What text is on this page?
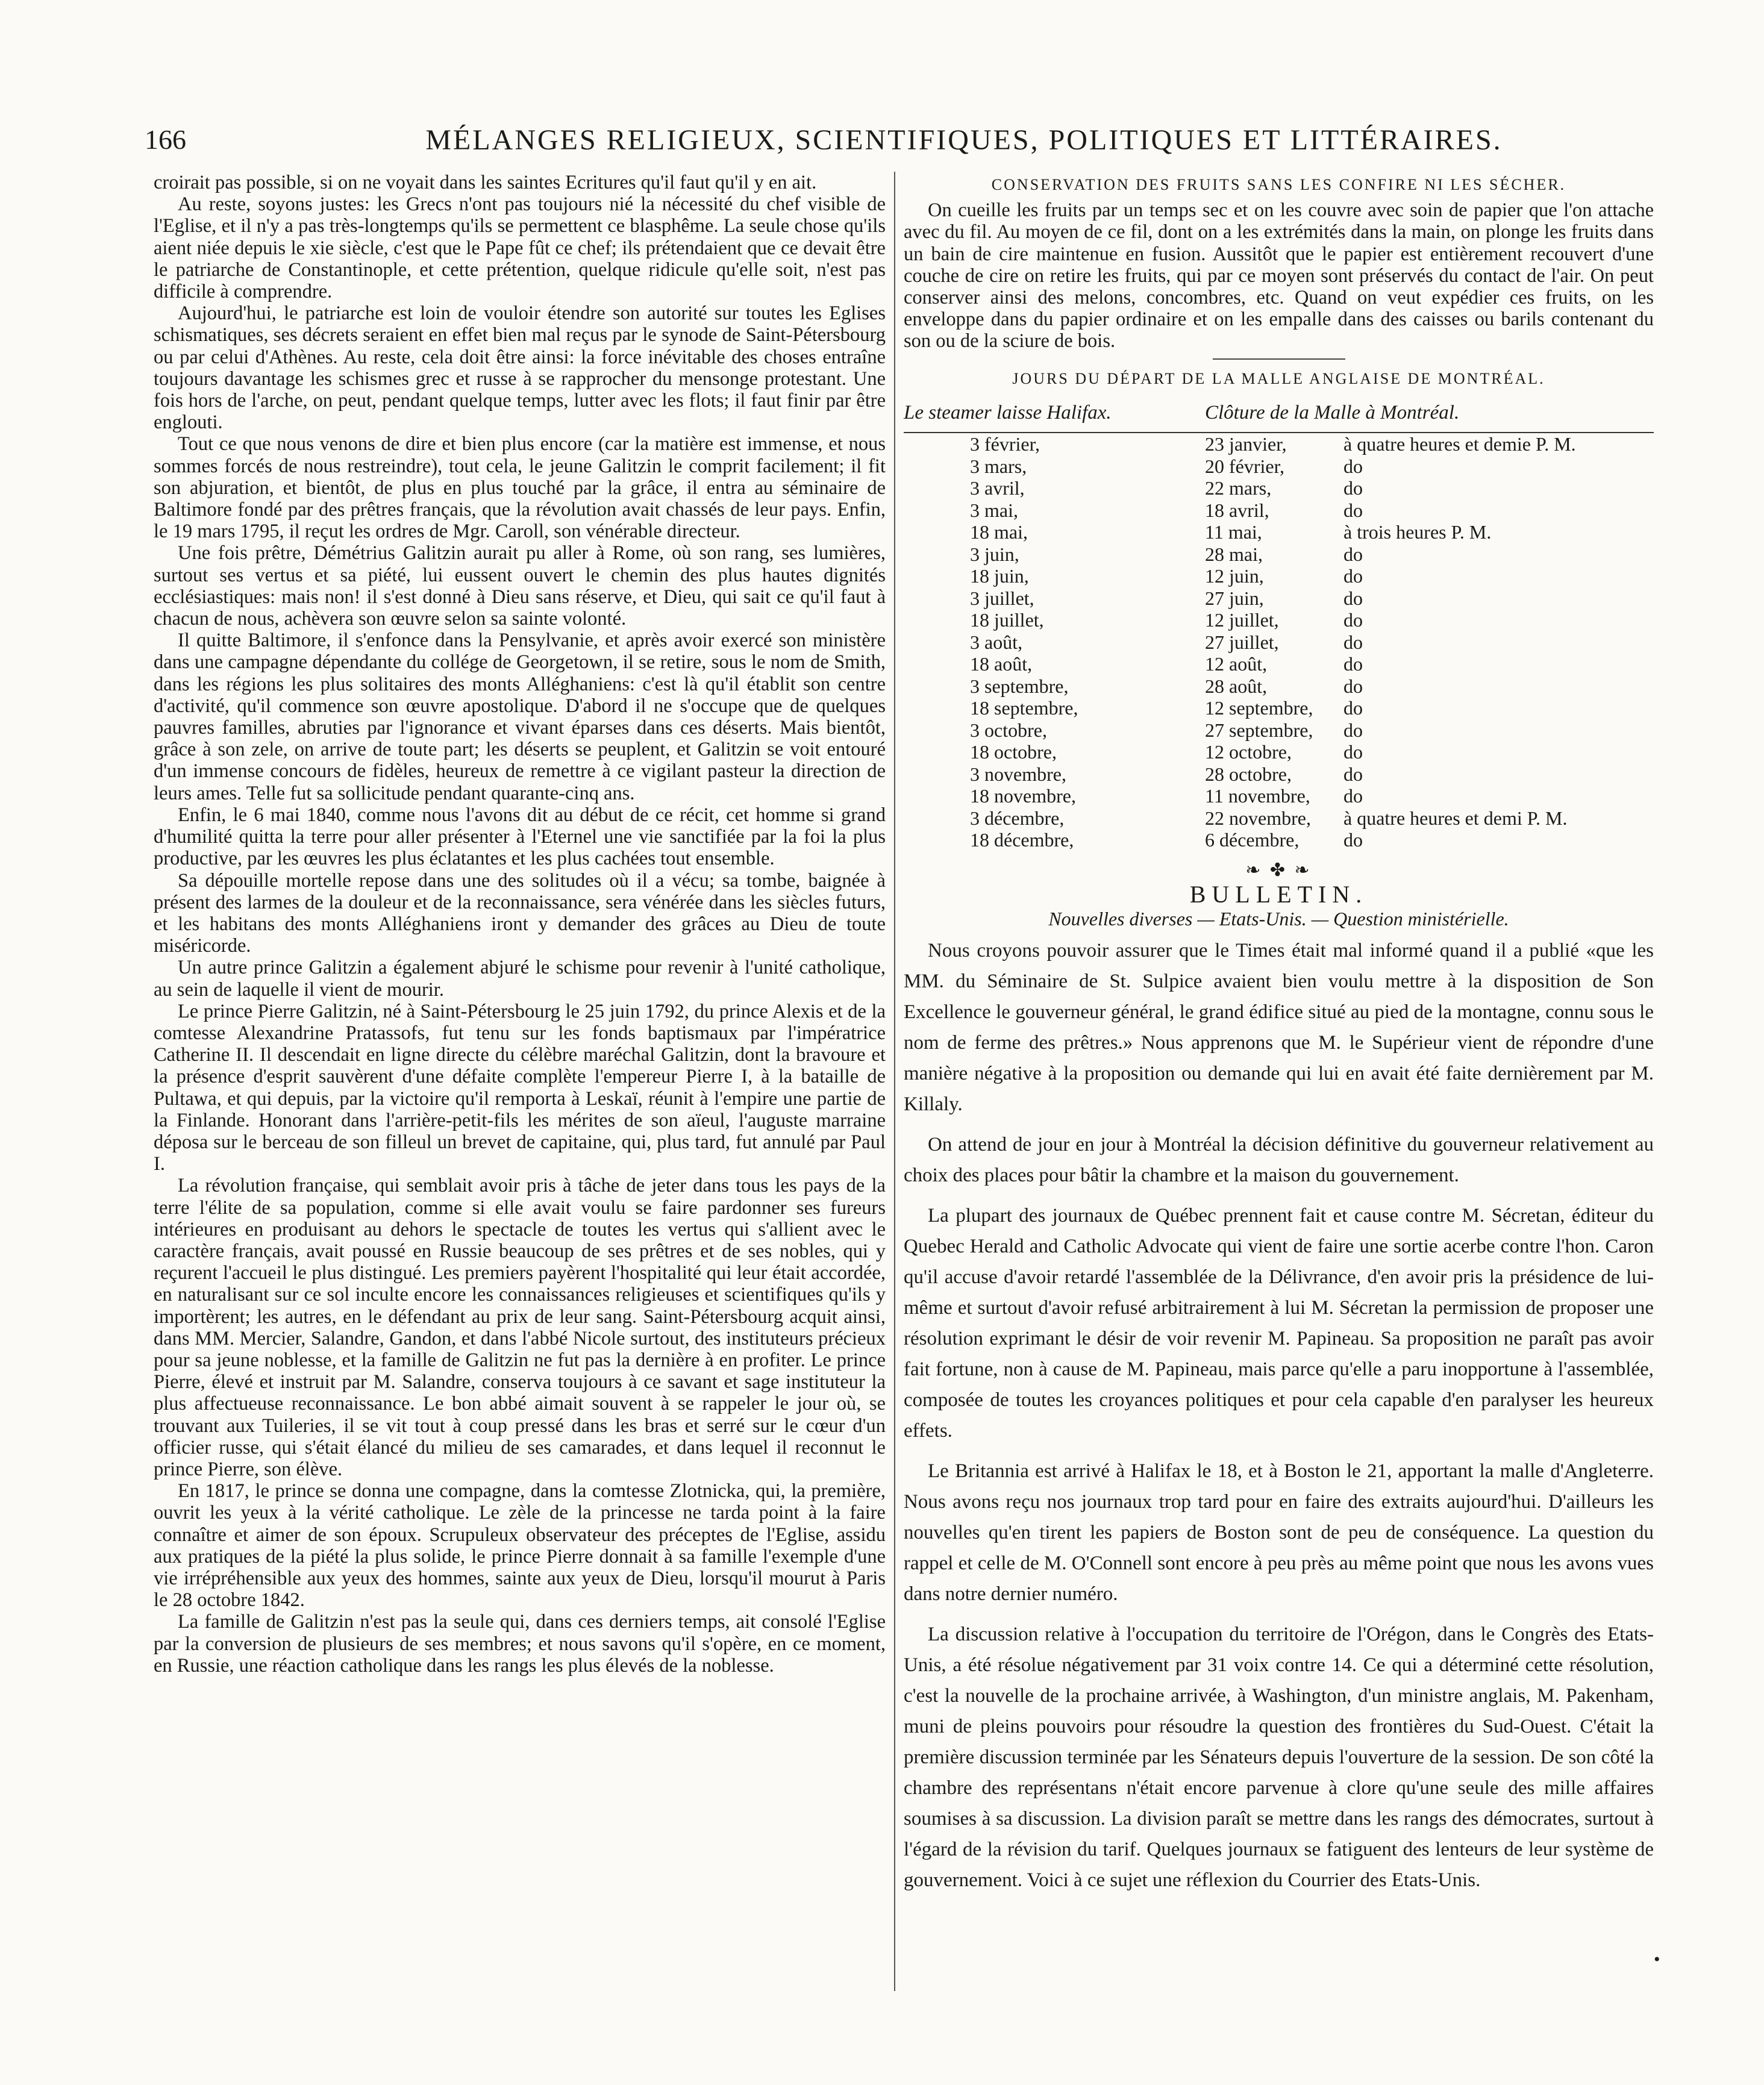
166	MÉLANGES RELIGIEUX, SCIENTIFIQUES, POLITIQUES ET LITTÉRAIRES.

croirait pas possible, si on ne voyait dans les saintes Ecritures qu'il faut qu'il y en ait.

Au reste, soyons justes: les Grecs n'ont pas toujours nié la nécessité du chef visible de l'Eglise, et il n'y a pas très-longtemps qu'ils se permettent ce blasphême. La seule chose qu'ils aient niée depuis le xie siècle, c'est que le Pape fût ce chef; ils prétendaient que ce devait être le patriarche de Constantinople, et cette prétention, quelque ridicule qu'elle soit, n'est pas difficile à comprendre.

Aujourd'hui, le patriarche est loin de vouloir étendre son autorité sur toutes les Eglises schismatiques, ses décrets seraient en effet bien mal reçus par le synode de Saint-Pétersbourg ou par celui d'Athènes. Au reste, cela doit être ainsi: la force inévitable des choses entraîne toujours davantage les schismes grec et russe à se rapprocher du mensonge protestant. Une fois hors de l'arche, on peut, pendant quelque temps, lutter avec les flots; il faut finir par être englouti.

Tout ce que nous venons de dire et bien plus encore (car la matière est immense, et nous sommes forcés de nous restreindre), tout cela, le jeune Galitzin le comprit facilement; il fit son abjuration, et bientôt, de plus en plus touché par la grâce, il entra au séminaire de Baltimore fondé par des prêtres français, que la révolution avait chassés de leur pays. Enfin, le 19 mars 1795, il reçut les ordres de Mgr. Caroll, son vénérable directeur.

Une fois prêtre, Démétrius Galitzin aurait pu aller à Rome, où son rang, ses lumières, surtout ses vertus et sa piété, lui eussent ouvert le chemin des plus hautes dignités ecclésiastiques: mais non! il s'est donné à Dieu sans réserve, et Dieu, qui sait ce qu'il faut à chacun de nous, achèvera son œuvre selon sa sainte volonté.

Il quitte Baltimore, il s'enfonce dans la Pensylvanie, et après avoir exercé son ministère dans une campagne dépendante du collége de Georgetown, il se retire, sous le nom de Smith, dans les régions les plus solitaires des monts Alléghaniens: c'est là qu'il établit son centre d'activité, qu'il commence son œuvre apostolique. D'abord il ne s'occupe que de quelques pauvres familles, abruties par l'ignorance et vivant éparses dans ces déserts. Mais bientôt, grâce à son zele, on arrive de toute part; les déserts se peuplent, et Galitzin se voit entouré d'un immense concours de fidèles, heureux de remettre à ce vigilant pasteur la direction de leurs ames. Telle fut sa sollicitude pendant quarante-cinq ans.

Enfin, le 6 mai 1840, comme nous l'avons dit au début de ce récit, cet homme si grand d'humilité quitta la terre pour aller présenter à l'Eternel une vie sanctifiée par la foi la plus productive, par les œuvres les plus éclatantes et les plus cachées tout ensemble.

Sa dépouille mortelle repose dans une des solitudes où il a vécu; sa tombe, baignée à présent des larmes de la douleur et de la reconnaissance, sera vénérée dans les siècles futurs, et les habitans des monts Alléghaniens iront y demander des grâces au Dieu de toute miséricorde.

Un autre prince Galitzin a également abjuré le schisme pour revenir à l'unité catholique, au sein de laquelle il vient de mourir.

Le prince Pierre Galitzin, né à Saint-Pétersbourg le 25 juin 1792, du prince Alexis et de la comtesse Alexandrine Pratassofs, fut tenu sur les fonds baptismaux par l'impératrice Catherine II. Il descendait en ligne directe du célèbre maréchal Galitzin, dont la bravoure et la présence d'esprit sauvèrent d'une défaite complète l'empereur Pierre I, à la bataille de Pultawa, et qui depuis, par la victoire qu'il remporta à Leskaï, réunit à l'empire une partie de la Finlande. Honorant dans l'arrière-petit-fils les mérites de son aïeul, l'auguste marraine déposa sur le berceau de son filleul un brevet de capitaine, qui, plus tard, fut annulé par Paul I.

La révolution française, qui semblait avoir pris à tâche de jeter dans tous les pays de la terre l'élite de sa population, comme si elle avait voulu se faire pardonner ses fureurs intérieures en produisant au dehors le spectacle de toutes les vertus qui s'allient avec le caractère français, avait poussé en Russie beaucoup de ses prêtres et de ses nobles, qui y reçurent l'accueil le plus distingué. Les premiers payèrent l'hospitalité qui leur était accordée, en naturalisant sur ce sol inculte encore les connaissances religieuses et scientifiques qu'ils y importèrent; les autres, en le défendant au prix de leur sang. Saint-Pétersbourg acquit ainsi, dans MM. Mercier, Salandre, Gandon, et dans l'abbé Nicole surtout, des instituteurs précieux pour sa jeune noblesse, et la famille de Galitzin ne fut pas la dernière à en profiter. Le prince Pierre, élevé et instruit par M. Salandre, conserva toujours à ce savant et sage instituteur la plus affectueuse reconnaissance. Le bon abbé aimait souvent à se rappeler le jour où, se trouvant aux Tuileries, il se vit tout à coup pressé dans les bras et serré sur le cœur d'un officier russe, qui s'était élancé du milieu de ses camarades, et dans lequel il reconnut le prince Pierre, son élève.

En 1817, le prince se donna une compagne, dans la comtesse Zlotnicka, qui, la première, ouvrit les yeux à la vérité catholique. Le zèle de la princesse ne tarda point à la faire connaître et aimer de son époux. Scrupuleux observateur des préceptes de l'Eglise, assidu aux pratiques de la piété la plus solide, le prince Pierre donnait à sa famille l'exemple d'une vie irrépréhensible aux yeux des hommes, sainte aux yeux de Dieu, lorsqu'il mourut à Paris le 28 octobre 1842.

La famille de Galitzin n'est pas la seule qui, dans ces derniers temps, ait consolé l'Eglise par la conversion de plusieurs de ses membres; et nous savons qu'il s'opère, en ce moment, en Russie, une réaction catholique dans les rangs les plus élevés de la noblesse.

CONSERVATION DES FRUITS SANS LES CONFIRE NI LES SÉCHER.

On cueille les fruits par un temps sec et on les couvre avec soin de papier que l'on attache avec du fil. Au moyen de ce fil, dont on a les extrémités dans la main, on plonge les fruits dans un bain de cire maintenue en fusion. Aussitôt que le papier est entièrement recouvert d'une couche de cire on retire les fruits, qui par ce moyen sont préservés du contact de l'air. On peut conserver ainsi des melons, concombres, etc. Quand on veut expédier ces fruits, on les enveloppe dans du papier ordinaire et on les empalle dans des caisses ou barils contenant du son ou de la sciure de bois.

JOURS DU DÉPART DE LA MALLE ANGLAISE DE MONTRÉAL.

Le steamer laisse Halifax.	Clôture de la Malle à Montréal.	
3 février,	23 janvier,	à quatre heures et demie P. M.
3 mars,	20 février,	do
3 avril,	22 mars,	do
3 mai,	18 avril,	do
18 mai,	11 mai,	à trois heures P. M.
3 juin,	28 mai,	do
18 juin,	12 juin,	do
3 juillet,	27 juin,	do
18 juillet,	12 juillet,	do
3 août,	27 juillet,	do
18 août,	12 août,	do
3 septembre,	28 août,	do
18 septembre,	12 septembre,	do
3 octobre,	27 septembre,	do
18 octobre,	12 octobre,	do
3 novembre,	28 octobre,	do
18 novembre,	11 novembre,	do
3 décembre,	22 novembre,	à quatre heures et demi P. M.
18 décembre,	6 décembre,	do
❧ ✤ ❧
BULLETIN.
Nouvelles diverses — Etats-Unis. — Question ministérielle.

Nous croyons pouvoir assurer que le Times était mal informé quand il a publié «que les MM. du Séminaire de St. Sulpice avaient bien voulu mettre à la disposition de Son Excellence le gouverneur général, le grand édifice situé au pied de la montagne, connu sous le nom de ferme des prêtres.» Nous apprenons que M. le Supérieur vient de répondre d'une manière négative à la proposition ou demande qui lui en avait été faite dernièrement par M. Killaly.

On attend de jour en jour à Montréal la décision définitive du gouverneur relativement au choix des places pour bâtir la chambre et la maison du gouvernement.

La plupart des journaux de Québec prennent fait et cause contre M. Sécretan, éditeur du Quebec Herald and Catholic Advocate qui vient de faire une sortie acerbe contre l'hon. Caron qu'il accuse d'avoir retardé l'assemblée de la Délivrance, d'en avoir pris la présidence de lui-même et surtout d'avoir refusé arbitrairement à lui M. Sécretan la permission de proposer une résolution exprimant le désir de voir revenir M. Papineau. Sa proposition ne paraît pas avoir fait fortune, non à cause de M. Papineau, mais parce qu'elle a paru inopportune à l'assemblée, composée de toutes les croyances politiques et pour cela capable d'en paralyser les heureux effets.

Le Britannia est arrivé à Halifax le 18, et à Boston le 21, apportant la malle d'Angleterre. Nous avons reçu nos journaux trop tard pour en faire des extraits aujourd'hui. D'ailleurs les nouvelles qu'en tirent les papiers de Boston sont de peu de conséquence. La question du rappel et celle de M. O'Connell sont encore à peu près au même point que nous les avons vues dans notre dernier numéro.

La discussion relative à l'occupation du territoire de l'Orégon, dans le Congrès des Etats-Unis, a été résolue négativement par 31 voix contre 14. Ce qui a déterminé cette résolution, c'est la nouvelle de la prochaine arrivée, à Washington, d'un ministre anglais, M. Pakenham, muni de pleins pouvoirs pour résoudre la question des frontières du Sud-Ouest. C'était la première discussion terminée par les Sénateurs depuis l'ouverture de la session. De son côté la chambre des représentans n'était encore parvenue à clore qu'une seule des mille affaires soumises à sa discussion. La division paraît se mettre dans les rangs des démocrates, surtout à l'égard de la révision du tarif. Quelques journaux se fatiguent des lenteurs de leur système de gouvernement. Voici à ce sujet une réflexion du Courrier des Etats-Unis.

•
